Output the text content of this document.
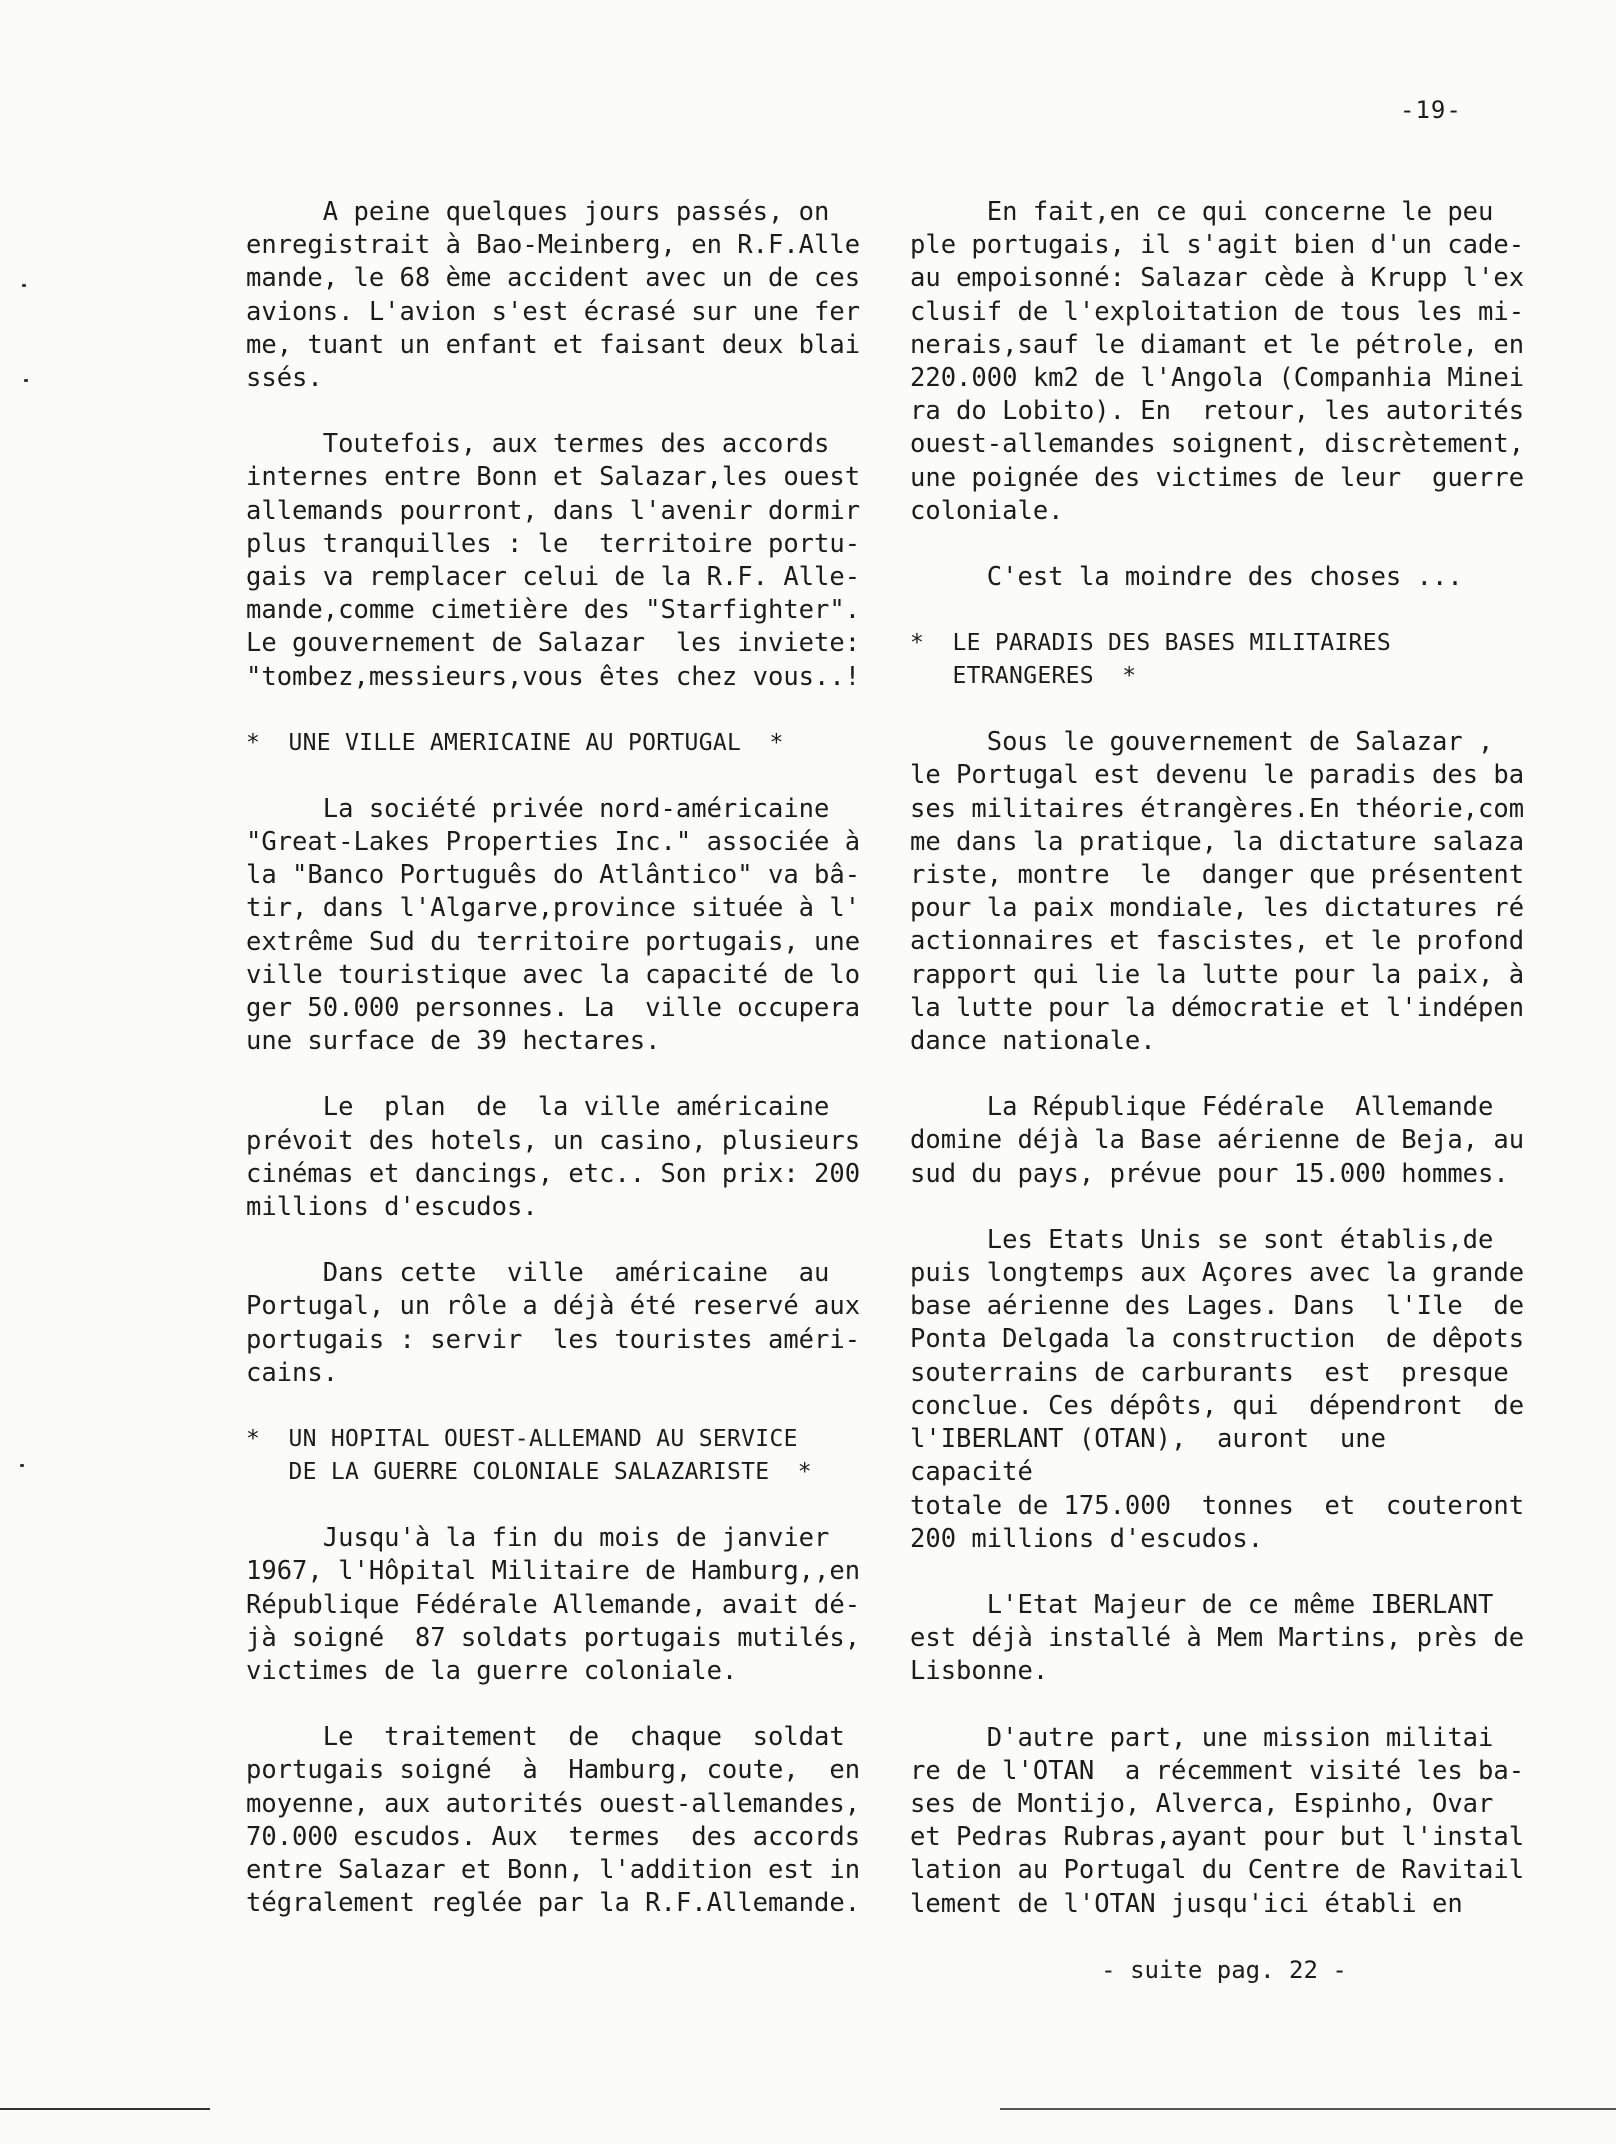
-19-

A peine quelques jours passés, on
enregistrait à Bao-Meinberg, en R.F.Alle
mande, le 68 ème accident avec un de ces
avions. L'avion s'est écrasé sur une fer
me, tuant un enfant et faisant deux blai
ssés.

Toutefois, aux termes des accords
internes entre Bonn et Salazar,les ouest
allemands pourront, dans l'avenir dormir
plus tranquilles : le  territoire portu-
gais va remplacer celui de la R.F. Alle-
mande,comme cimetière des "Starfighter".
Le gouvernement de Salazar  les inviete:
"tombez,messieurs,vous êtes chez vous..!

*  UNE VILLE AMERICAINE AU PORTUGAL  *

La société privée nord-américaine
"Great-Lakes Properties Inc." associée à
la "Banco Português do Atlântico" va bâ-
tir, dans l'Algarve,province située à l'
extrême Sud du territoire portugais, une
ville touristique avec la capacité de lo
ger 50.000 personnes. La  ville occupera
une surface de 39 hectares.

Le  plan  de  la ville américaine
prévoit des hotels, un casino, plusieurs
cinémas et dancings, etc.. Son prix: 200
millions d'escudos.

Dans cette  ville  américaine  au
Portugal, un rôle a déjà été reservé aux
portugais : servir  les touristes améri-
cains.

*  UN HOPITAL OUEST-ALLEMAND AU SERVICE
DE LA GUERRE COLONIALE SALAZARISTE  *

Jusqu'à la fin du mois de janvier
1967, l'Hôpital Militaire de Hamburg,,en
République Fédérale Allemande, avait dé-
jà soigné  87 soldats portugais mutilés,
victimes de la guerre coloniale.

Le  traitement  de  chaque  soldat
portugais soigné  à  Hamburg, coute,  en
moyenne, aux autorités ouest-allemandes,
70.000 escudos. Aux  termes  des accords
entre Salazar et Bonn, l'addition est in
tégralement reglée par la R.F.Allemande.

En fait,en ce qui concerne le peu
ple portugais, il s'agit bien d'un cade-
au empoisonné: Salazar cède à Krupp l'ex
clusif de l'exploitation de tous les mi-
nerais,sauf le diamant et le pétrole, en
220.000 km2 de l'Angola (Companhia Minei
ra do Lobito). En  retour, les autorités
ouest-allemandes soignent, discrètement,
une poignée des victimes de leur  guerre
coloniale.

C'est la moindre des choses ...

*  LE PARADIS DES BASES MILITAIRES
ETRANGERES  *

Sous le gouvernement de Salazar ,
le Portugal est devenu le paradis des ba
ses militaires étrangères.En théorie,com
me dans la pratique, la dictature salaza
riste, montre  le  danger que présentent
pour la paix mondiale, les dictatures ré
actionnaires et fascistes, et le profond
rapport qui lie la lutte pour la paix, à
la lutte pour la démocratie et l'indépen
dance nationale.

La République Fédérale  Allemande
domine déjà la Base aérienne de Beja, au
sud du pays, prévue pour 15.000 hommes.

Les Etats Unis se sont établis,de
puis longtemps aux Açores avec la grande
base aérienne des Lages. Dans  l'Ile  de
Ponta Delgada la construction  de dêpots
souterrains de carburants  est  presque
conclue. Ces dépôts, qui  dépendront  de
l'IBERLANT (OTAN),  auront  une  capacité
totale de 175.000  tonnes  et  couteront
200 millions d'escudos.

L'Etat Majeur de ce même IBERLANT
est déjà installé à Mem Martins, près de
Lisbonne.

D'autre part, une mission militai
re de l'OTAN  a récemment visité les ba-
ses de Montijo, Alverca, Espinho, Ovar
et Pedras Rubras,ayant pour but l'instal
lation au Portugal du Centre de Ravitail
lement de l'OTAN jusqu'ici établi en

- suite pag. 22 -
